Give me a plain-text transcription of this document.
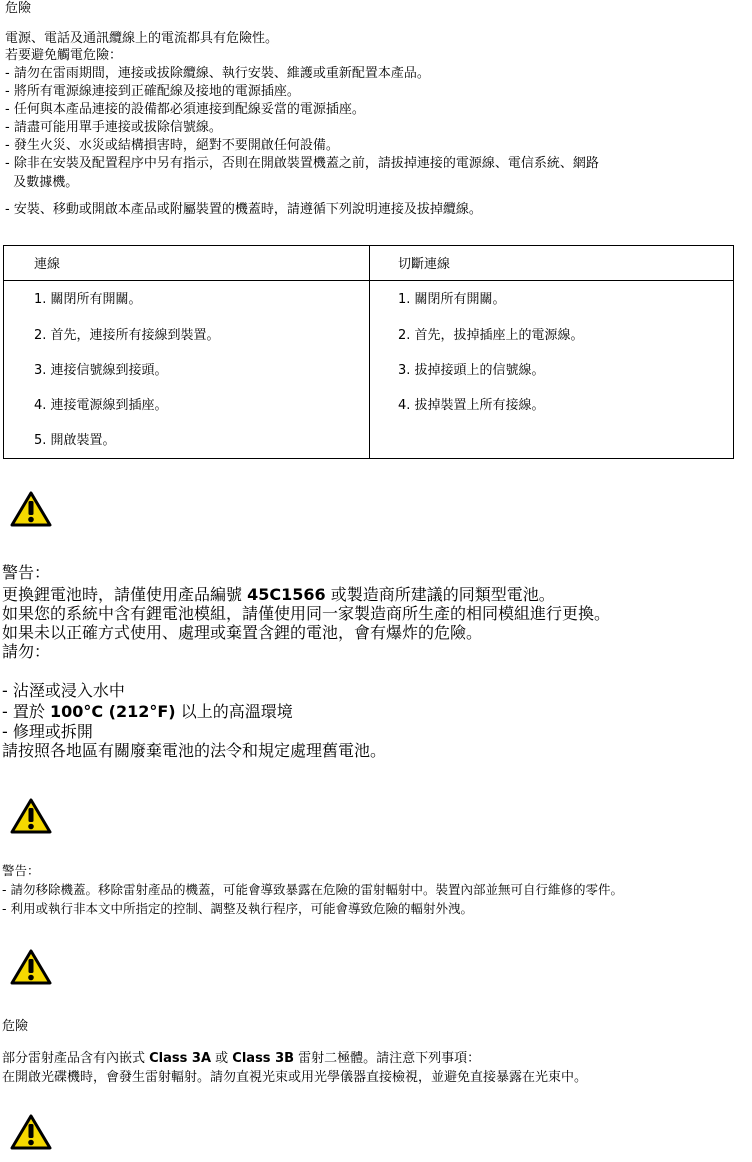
危險
電源、電話及通訊纜線上的電流都具有危險性。
若要避免觸電危險：
- 請勿在雷雨期間，連接或拔除纜線、執行安裝、維護或重新配置本產品。
- 將所有電源線連接到正確配線及接地的電源插座。
- 任何與本產品連接的設備都必須連接到配線妥當的電源插座。
- 請盡可能用單手連接或拔除信號線。
- 發生火災、水災或結構損害時，絕對不要開啟任何設備。
- 除非在安裝及配置程序中另有指示，否則在開啟裝置機蓋之前，請拔掉連接的電源線、電信系統、網路
及數據機。
- 安裝、移動或開啟本產品或附屬裝置的機蓋時，請遵循下列說明連接及拔掉纜線。
連線	切斷連線
1. 關閉所有開關。
2. 首先，連接所有接線到裝置。
3. 連接信號線到接頭。
4. 連接電源線到插座。
5. 開啟裝置。
1. 關閉所有開關。
2. 首先，拔掉插座上的電源線。
3. 拔掉接頭上的信號線。
4. 拔掉裝置上所有接線。
警告：
更換鋰電池時，請僅使用產品編號 45C1566 或製造商所建議的同類型電池。
如果您的系統中含有鋰電池模組，請僅使用同一家製造商所生產的相同模組進行更換。
如果未以正確方式使用、處理或棄置含鋰的電池，會有爆炸的危險。
請勿：
- 沾溼或浸入水中
- 置於 100°C (212°F) 以上的高溫環境
- 修理或拆開
請按照各地區有關廢棄電池的法令和規定處理舊電池。
警告：
- 請勿移除機蓋。移除雷射產品的機蓋，可能會導致暴露在危險的雷射輻射中。裝置內部並無可自行維修的零件。
- 利用或執行非本文中所指定的控制、調整及執行程序，可能會導致危險的輻射外洩。
危險
部分雷射產品含有內嵌式 Class 3A 或 Class 3B 雷射二極體。請注意下列事項：
在開啟光碟機時，會發生雷射輻射。請勿直視光束或用光學儀器直接檢視，並避免直接暴露在光束中。
